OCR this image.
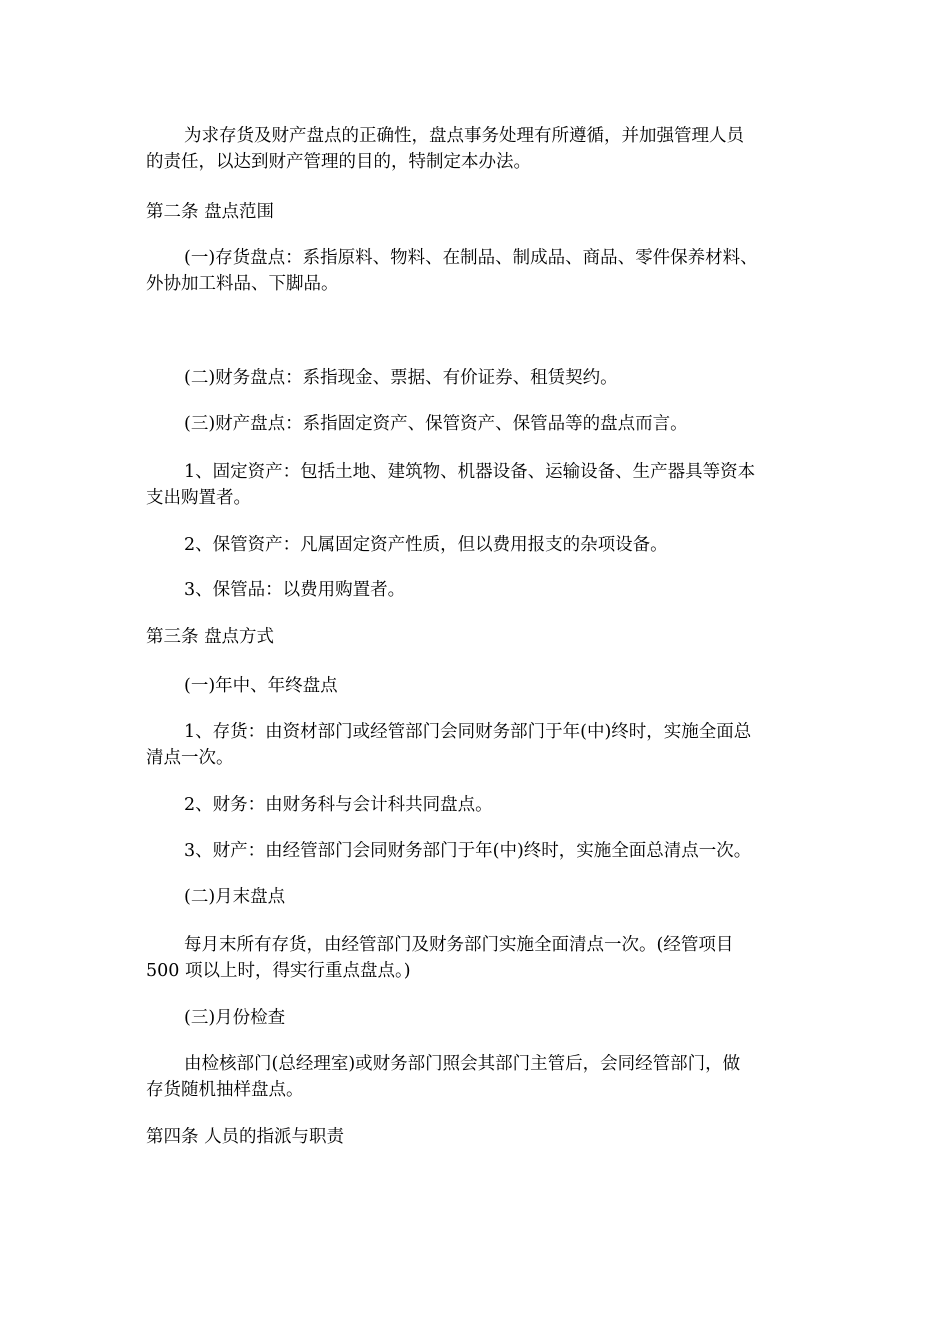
为求存货及财产盘点的正确性，盘点事务处理有所遵循，并加强管理人员
的责任，以达到财产管理的目的，特制定本办法。
第二条 盘点范围
(一)存货盘点：系指原料、物料、在制品、制成品、商品、零件保养材料、
外协加工料品、下脚品。
(二)财务盘点：系指现金、票据、有价证券、租赁契约。
(三)财产盘点：系指固定资产、保管资产、保管品等的盘点而言。
1、固定资产：包括土地、建筑物、机器设备、运输设备、生产器具等资本
支出购置者。
2、保管资产：凡属固定资产性质，但以费用报支的杂项设备。
3、保管品：以费用购置者。
第三条 盘点方式
(一)年中、年终盘点
1、存货：由资材部门或经管部门会同财务部门于年(中)终时，实施全面总
清点一次。
2、财务：由财务科与会计科共同盘点。
3、财产：由经管部门会同财务部门于年(中)终时，实施全面总清点一次。
(二)月末盘点
每月末所有存货，由经管部门及财务部门实施全面清点一次。(经管项目
500 项以上时，得实行重点盘点。)
(三)月份检查
由检核部门(总经理室)或财务部门照会其部门主管后，会同经管部门，做
存货随机抽样盘点。
第四条 人员的指派与职责
